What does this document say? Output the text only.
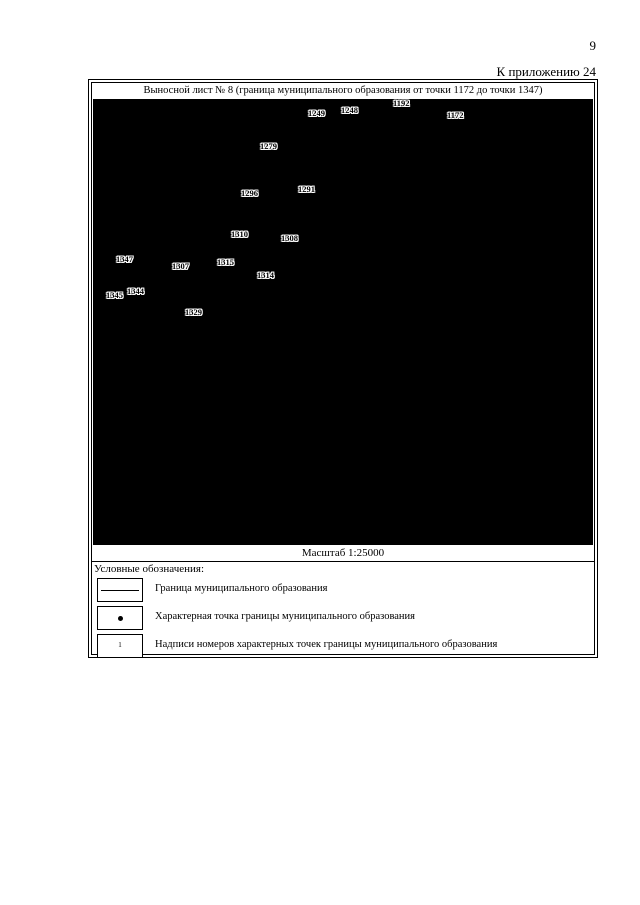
9
К приложению 24
Выносной лист № 8 (граница муниципального образования от точки 1172 до точки 1347)
1192
1172
1248
1249
1279
1291
1296
1310	1308
1347
1307	1315
1314
1344
1345
1329
Масштаб 1:25000
Условные обозначения:
Граница муниципального образования
Характерная точка границы муниципального образования
1	Надписи номеров характерных точек границы муниципального образования
